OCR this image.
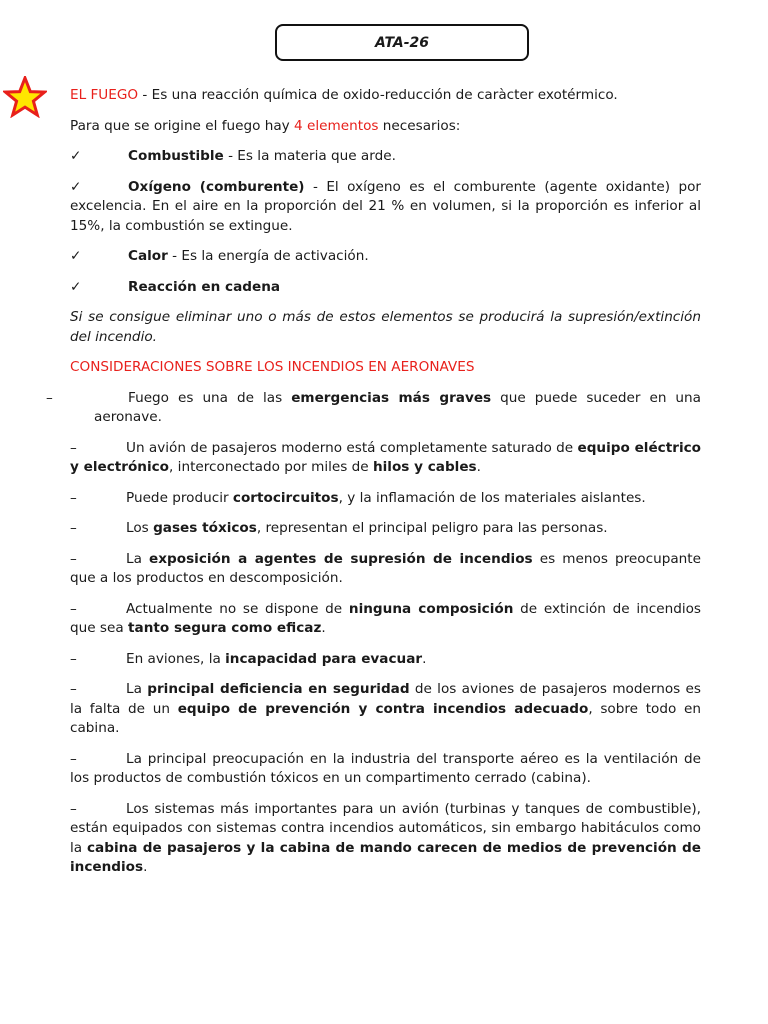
ATA-26

EL FUEGO - Es una reacción química de oxido-reducción de caràcter exotérmico.

Para que se origine el fuego hay 4 elementos necesarios:

✓	Combustible - Es la materia que arde.

✓	Oxígeno (comburente) - El oxígeno es el comburente (agente oxidante) por excelencia. En el aire en la proporción del 21 % en volumen, si la proporción es inferior al 15%, la combustión se extingue.

✓	Calor - Es la energía de activación.

✓	Reacción en cadena

Si se consigue eliminar uno o más de estos elementos se producirá la supresión/extinción del incendio.

CONSIDERACIONES SOBRE LOS INCENDIOS EN AERONAVES

–	Fuego es una de las emergencias más graves que puede suceder en una aeronave.

–	Un avión de pasajeros moderno está completamente saturado de equipo eléctrico y electrónico, interconectado por miles de hilos y cables.

–	Puede producir cortocircuitos, y la inflamación de los materiales aislantes.

–	Los gases tóxicos, representan el principal peligro para las personas.

–	La exposición a agentes de supresión de incendios es menos preocupante que a los productos en descomposición.

–	Actualmente no se dispone de ninguna composición de extinción de incendios que sea tanto segura como eficaz.

–	En aviones, la incapacidad para evacuar.

–	La principal deficiencia en seguridad de los aviones de pasajeros modernos es la falta de un equipo de prevención y contra incendios adecuado, sobre todo en cabina.

–	La principal preocupación en la industria del transporte aéreo es la ventilación de los productos de combustión tóxicos en un compartimento cerrado (cabina).

–	Los sistemas más importantes para un avión (turbinas y tanques de combustible), están equipados con sistemas contra incendios automáticos, sin embargo habitáculos como la cabina de pasajeros y la cabina de mando carecen de medios de prevención de incendios.
